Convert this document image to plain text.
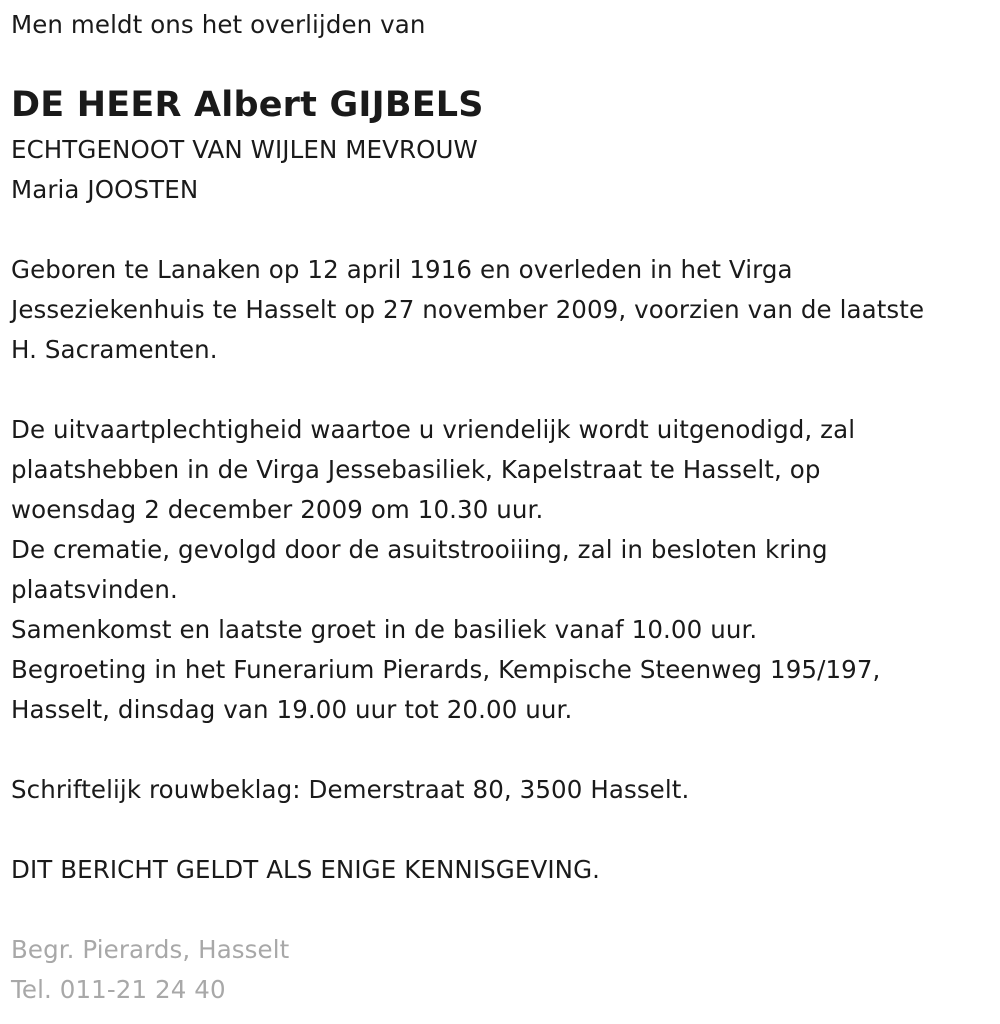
Men meldt ons het overlijden van
DE HEER Albert GIJBELS
ECHTGENOOT VAN WIJLEN MEVROUW
Maria JOOSTEN
Geboren te Lanaken op 12 april 1916 en overleden in het Virga
Jesseziekenhuis te Hasselt op 27 november 2009, voorzien van de laatste
H. Sacramenten.
De uitvaartplechtigheid waartoe u vriendelijk wordt uitgenodigd, zal
plaatshebben in de Virga Jessebasiliek, Kapelstraat te Hasselt, op
woensdag 2 december 2009 om 10.30 uur.
De crematie, gevolgd door de asuitstrooiiing, zal in besloten kring
plaatsvinden.
Samenkomst en laatste groet in de basiliek vanaf 10.00 uur.
Begroeting in het Funerarium Pierards, Kempische Steenweg 195/197,
Hasselt, dinsdag van 19.00 uur tot 20.00 uur.
Schriftelijk rouwbeklag: Demerstraat 80, 3500 Hasselt.
DIT BERICHT GELDT ALS ENIGE KENNISGEVING.
Begr. Pierards, Hasselt
Tel. 011-21 24 40
